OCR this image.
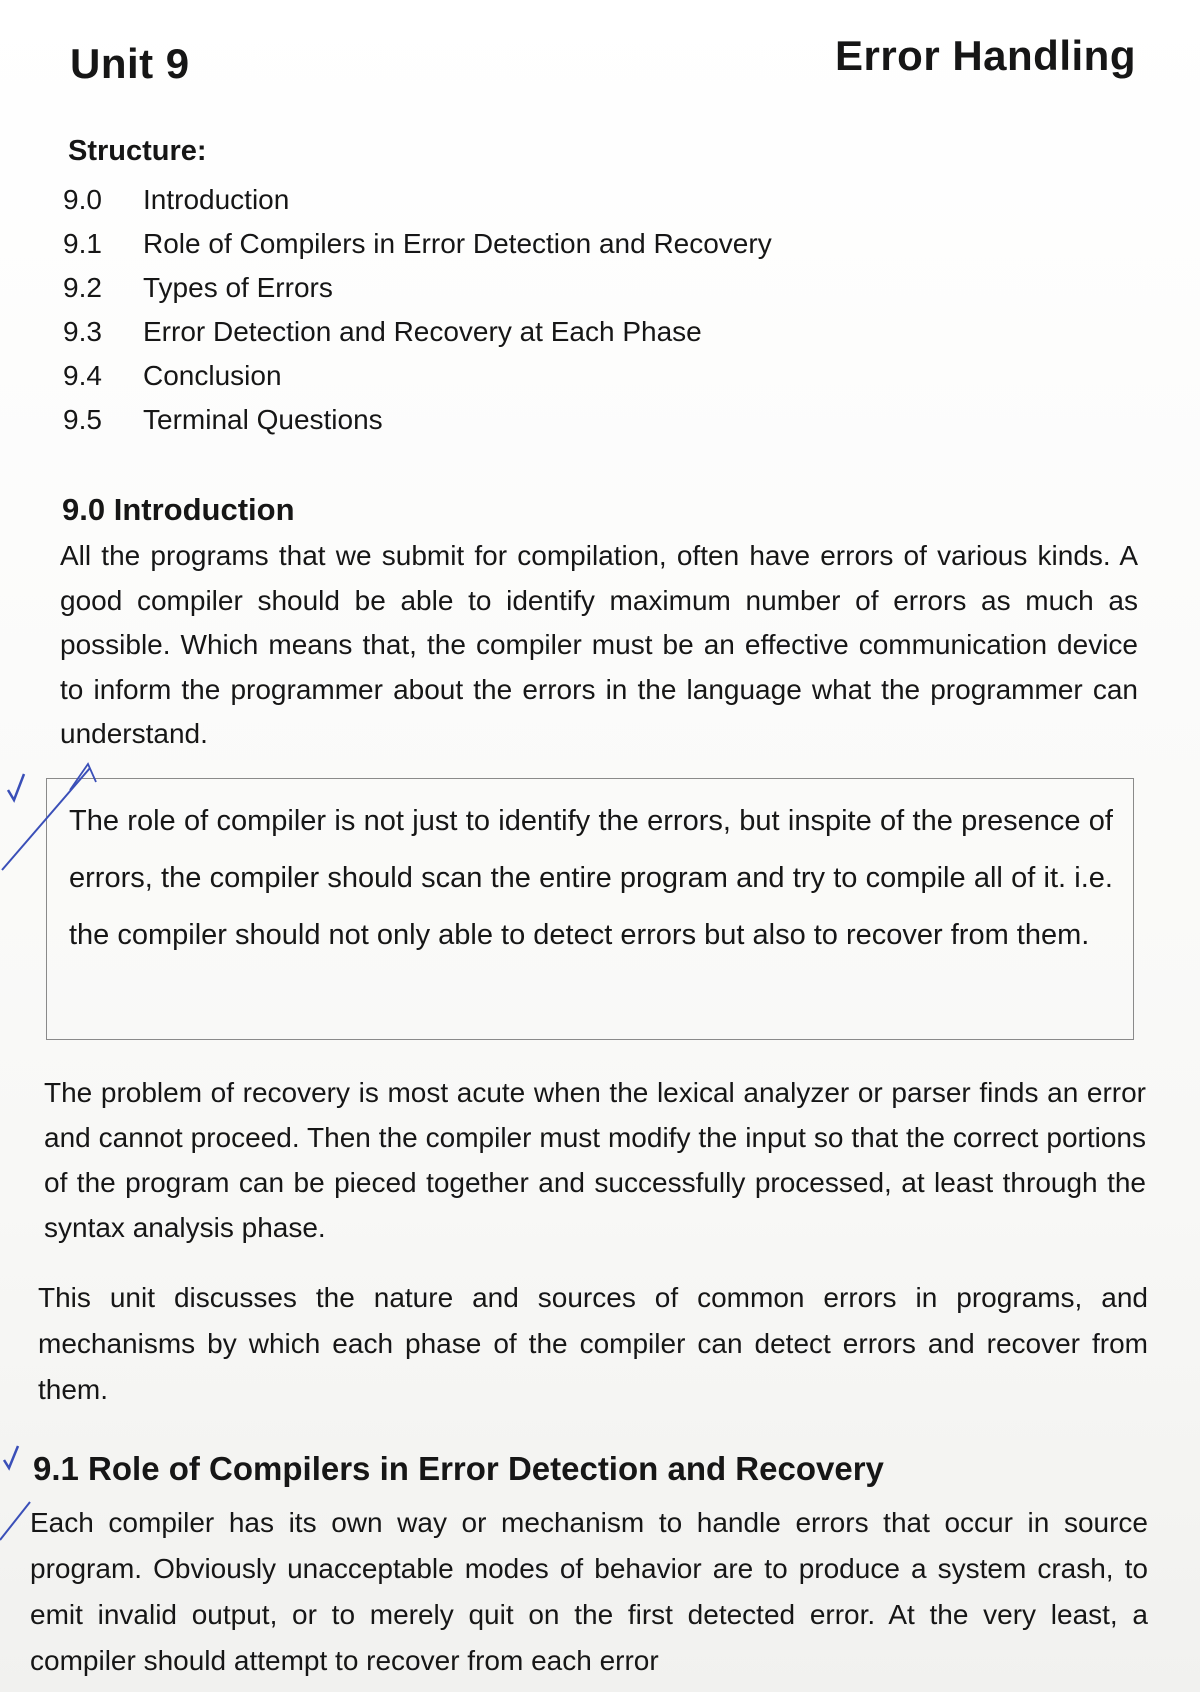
Unit 9	Error Handling
Structure:
9.0	Introduction
9.1	Role of Compilers in Error Detection and Recovery
9.2	Types of Errors
9.3	Error Detection and Recovery at Each Phase
9.4	Conclusion
9.5	Terminal Questions
9.0 Introduction

All the programs that we submit for compilation, often have errors of various kinds. A good compiler should be able to identify maximum number of errors as much as possible. Which means that, the compiler must be an effective communication device to inform the programmer about the errors in the language what the programmer can understand.

The role of compiler is not just to identify the errors, but inspite of the presence of errors, the compiler should scan the entire program and try to compile all of it. i.e. the compiler should not only able to detect errors but also to recover from them.

The problem of recovery is most acute when the lexical analyzer or parser finds an error and cannot proceed. Then the compiler must modify the input so that the correct portions of the program can be pieced together and successfully processed, at least through the syntax analysis phase.

This unit discusses the nature and sources of common errors in programs, and mechanisms by which each phase of the compiler can detect errors and recover from them.

9.1 Role of Compilers in Error Detection and Recovery

Each compiler has its own way or mechanism to handle errors that occur in source program. Obviously unacceptable modes of behavior are to produce a system crash, to emit invalid output, or to merely quit on the first detected error. At the very least, a compiler should attempt to recover from each error
